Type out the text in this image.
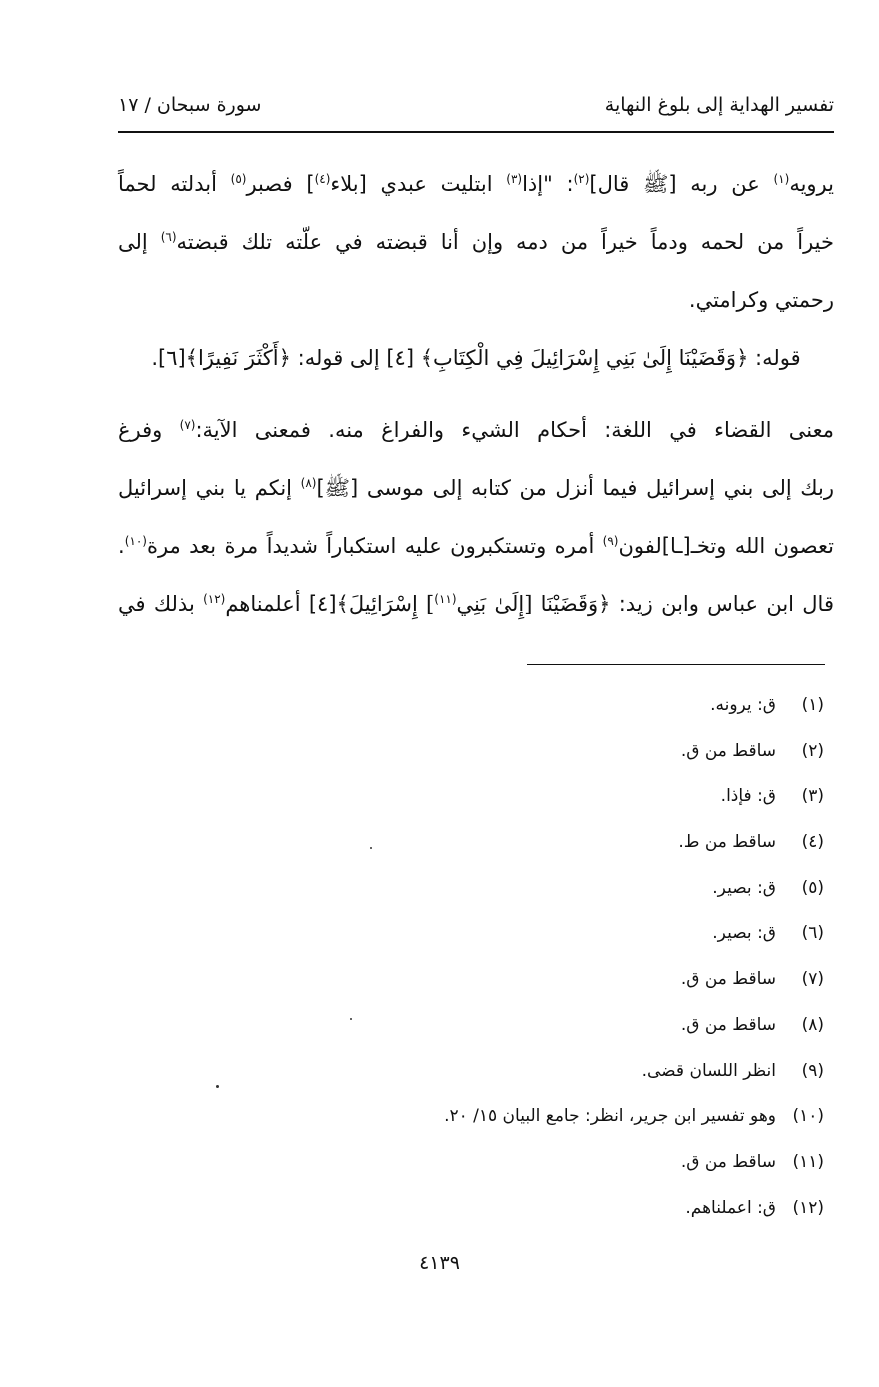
تفسير الهداية إلى بلوغ النهاية
سورة سبحان / ١٧
يرويه$^{(١)}$ عن ربه [ﷺ قال]$^{(٢)}$: "إذا$^{(٣)}$ ابتليت عبدي [بلاء$^{(٤)}$] فصبر$^{(٥)}$ أبدلته لحماً
خيراً من لحمه ودماً خيراً من دمه وإن أنا قبضته في علّته تلك قبضته$^{(٦)}$ إلى
رحمتي وكرامتي.
قوله: ﴿وَقَضَيْنَا إِلَىٰ بَنِي إِسْرَائِيلَ فِي الْكِتَابِ﴾ [٤] إلى قوله: ﴿أَكْثَرَ نَفِيرًا﴾[٦].
معنى القضاء في اللغة: أحكام الشيء والفراغ منه. فمعنى الآية:$^{(٧)}$ وفرغ
ربك إلى بني إسرائيل فيما أنزل من كتابه إلى موسى [ﷺ]$^{(٨)}$ إنكم يا بني إسرائيل
تعصون الله وتخـ[ـا]لفون$^{(٩)}$ أمره وتستكبرون عليه استكباراً شديداً مرة بعد مرة$^{(١٠)}$.
قال ابن عباس وابن زيد: ﴿وَقَضَيْنَا [إِلَىٰ بَنِي$^{(١١)}$] إِسْرَائِيلَ﴾[٤] أعلمناهم$^{(١٢)}$ بذلك في
(١)ق: يرونه.
(٢)ساقط من ق.
(٣)ق: فإذا.
(٤)ساقط من ط.
(٥)ق: بصير.
(٦)ق: بصير.
(٧)ساقط من ق.
(٨)ساقط من ق.
(٩)انظر اللسان قضى.
(١٠)وهو تفسير ابن جرير، انظر: جامع البيان ١٥/ ٢٠.
(١١)ساقط من ق.
(١٢)ق: اعملناهم.
٤١٣٩
